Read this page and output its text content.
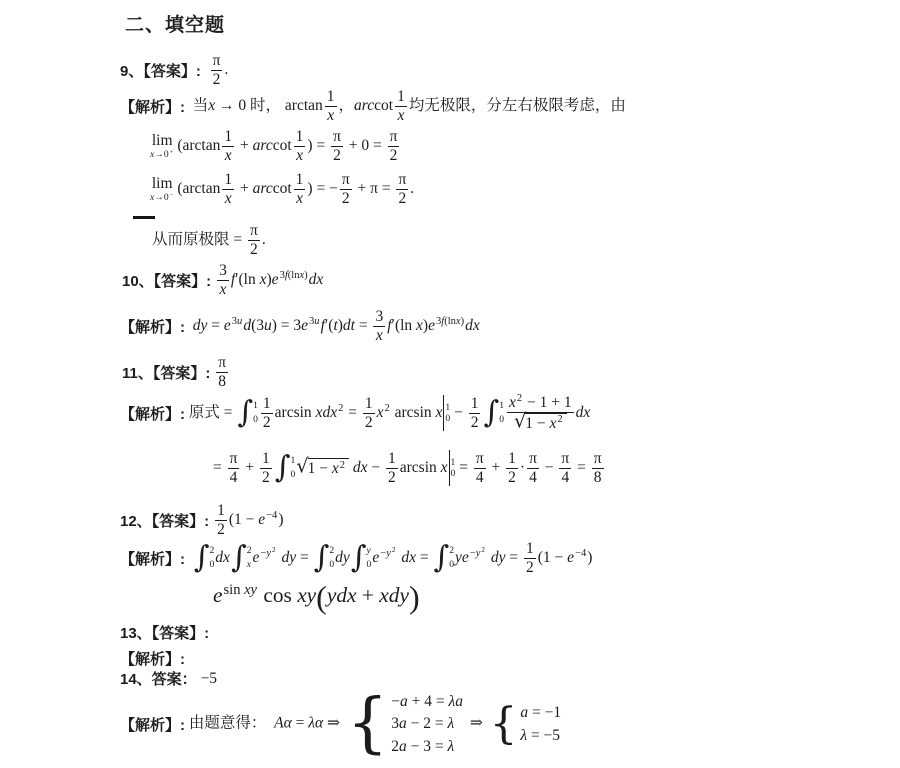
二、填空题
9、【答案】:
$\frac{\pi}{2}$ .
【解析】: 当x → 0 时， $\arctan \frac{1}{x}$ ，arccot $\frac{1}{x}$ 均无极限，分左右极限考虑，由
lim
x→0+ ($\arctan \frac{1}{x} + arccot \frac{1}{x}$ ) = $\frac{\pi}{2} + 0 = \frac{\pi}{2}$
lim
x→0− ($\arctan \frac{1}{x} + arccot \frac{1}{x}$ ) = − $\frac{\pi}{2} + \pi = \frac{\pi}{2}$ .
从而原极限 = $\frac{\pi}{2}$ .
10、【答案】:
$\frac{3}{x} f'(\ln$ $x)e^{3f(lnx)}dx$
【解析】: dy = $e^{3u}d(3u) = 3e^{3u}f'(t)dt = \frac{3}{x} f'(\ln$ $x)e^{3f(lnx)}dx$
11、【答案】:
$\frac{\pi}{8}$
【解析】: 原式 = ∫ 1
$0 \frac{1}{2}$ $\arcsin xdx^2 = \frac{1}{2} x^2$ arcsin x 1
$0 - \frac{1}{2}$ ∫ 1
$0 \frac{x^2 - 1 + 1}{√ 1 - x^2}$ dx
= $\frac{\pi}{4} + \frac{1}{2}$ ∫ 1
0 √ $1 - x^2$ dx − $\frac{1}{2}$ arcsin x 1
$0 = \frac{\pi}{4} + \frac{1}{2} \cdot \frac{\pi}{4} - \frac{\pi}{4} = \frac{\pi}{8}$
12、【答案】:
$\frac{1}{2} (1 - e^{-4})$
【解析】:
∫ 2
0 dx ∫ 2
x $e^{-y^2}$ dy = ∫ 2
0 dy ∫ y
0 $e^{-y^2}$ dx = ∫ 2
0 $ye^{-y^2}$ dy = $\frac{1}{2} (1 - e^{-4})$
$e^{sin xy}$ cos xy(ydx + xdy)
13、【答案】:
【解析】:
14、答案： −5
【解析】: 由题意得：  Aα = λα ⇒ { −a + 4 = λa
3a − 2 = λ
2a − 3 = λ
⇒ { a = −1
λ = −5
